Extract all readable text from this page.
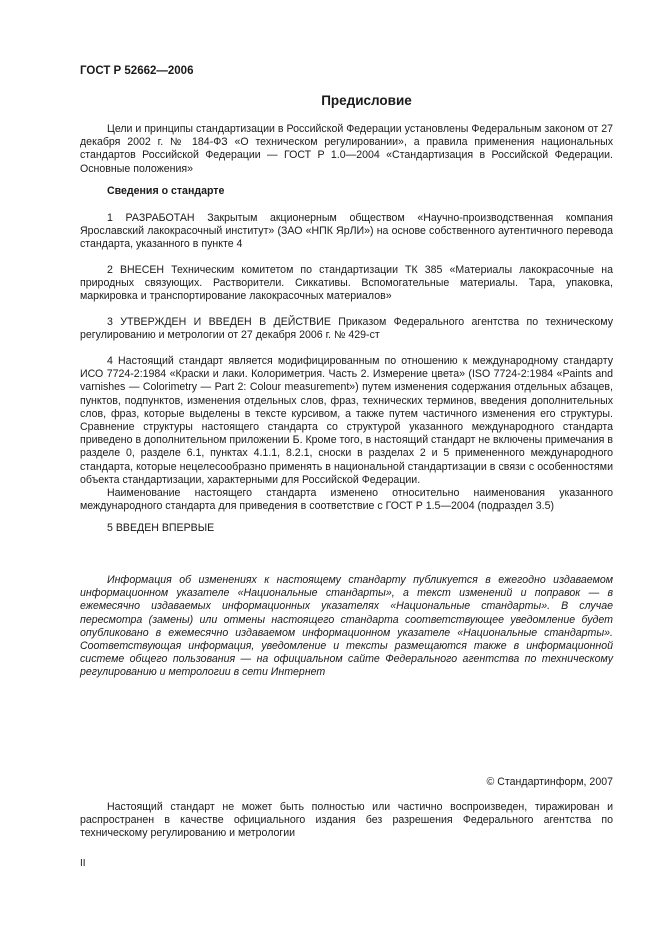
ГОСТ Р 52662—2006
Предисловие

Цели и принципы стандартизации в Российской Федерации установлены Федеральным законом от 27 декабря 2002 г. № 184-ФЗ «О техническом регулировании», а правила применения национальных стандартов Российской Федерации — ГОСТ Р 1.0—2004 «Стандартизация в Российской Федерации. Основные положения»

Сведения о стандарте

1 РАЗРАБОТАН Закрытым акционерным обществом «Научно-производственная компания Ярославский лакокрасочный институт» (ЗАО «НПК ЯрЛИ») на основе собственного аутентичного перевода стандарта, указанного в пункте 4

2 ВНЕСЕН Техническим комитетом по стандартизации ТК 385 «Материалы лакокрасочные на природных связующих. Растворители. Сиккативы. Вспомогательные материалы. Тара, упаковка, маркировка и транспортирование лакокрасочных материалов»

3 УТВЕРЖДЕН И ВВЕДЕН В ДЕЙСТВИЕ Приказом Федерального агентства по техническому регулированию и метрологии от 27 декабря 2006 г. № 429-ст

4 Настоящий стандарт является модифицированным по отношению к международному стандарту ИСО 7724-2:1984 «Краски и лаки. Колориметрия. Часть 2. Измерение цвета» (ISO 7724-2:1984 «Paints and varnishes — Colorimetry — Part 2: Colour measurement») путем изменения содержания отдельных абзацев, пунктов, подпунктов, изменения отдельных слов, фраз, технических терминов, введения дополнительных слов, фраз, которые выделены в тексте курсивом, а также путем частичного изменения его структуры. Сравнение структуры настоящего стандарта со структурой указанного международного стандарта приведено в дополнительном приложении Б. Кроме того, в настоящий стандарт не включены примечания в разделе 0, разделе 6.1, пунктах 4.1.1, 8.2.1, сноски в разделах 2 и 5 примененного международного стандарта, которые нецелесообразно применять в национальной стандартизации в связи с особенностями объекта стандартизации, характерными для Российской Федерации.

Наименование настоящего стандарта изменено относительно наименования указанного международного стандарта для приведения в соответствие с ГОСТ Р 1.5—2004 (подраздел 3.5)

5 ВВЕДЕН ВПЕРВЫЕ

Информация об изменениях к настоящему стандарту публикуется в ежегодно издаваемом информационном указателе «Национальные стандарты», а текст изменений и поправок — в ежемесячно издаваемых информационных указателях «Национальные стандарты». В случае пересмотра (замены) или отмены настоящего стандарта соответствующее уведомление будет опубликовано в ежемесячно издаваемом информационном указателе «Национальные стандарты». Соответствующая информация, уведомление и тексты размещаются также в информационной системе общего пользования — на официальном сайте Федерального агентства по техническому регулированию и метрологии в сети Интернет

© Стандартинформ, 2007

Настоящий стандарт не может быть полностью или частично воспроизведен, тиражирован и распространен в качестве официального издания без разрешения Федерального агентства по техническому регулированию и метрологии

II
